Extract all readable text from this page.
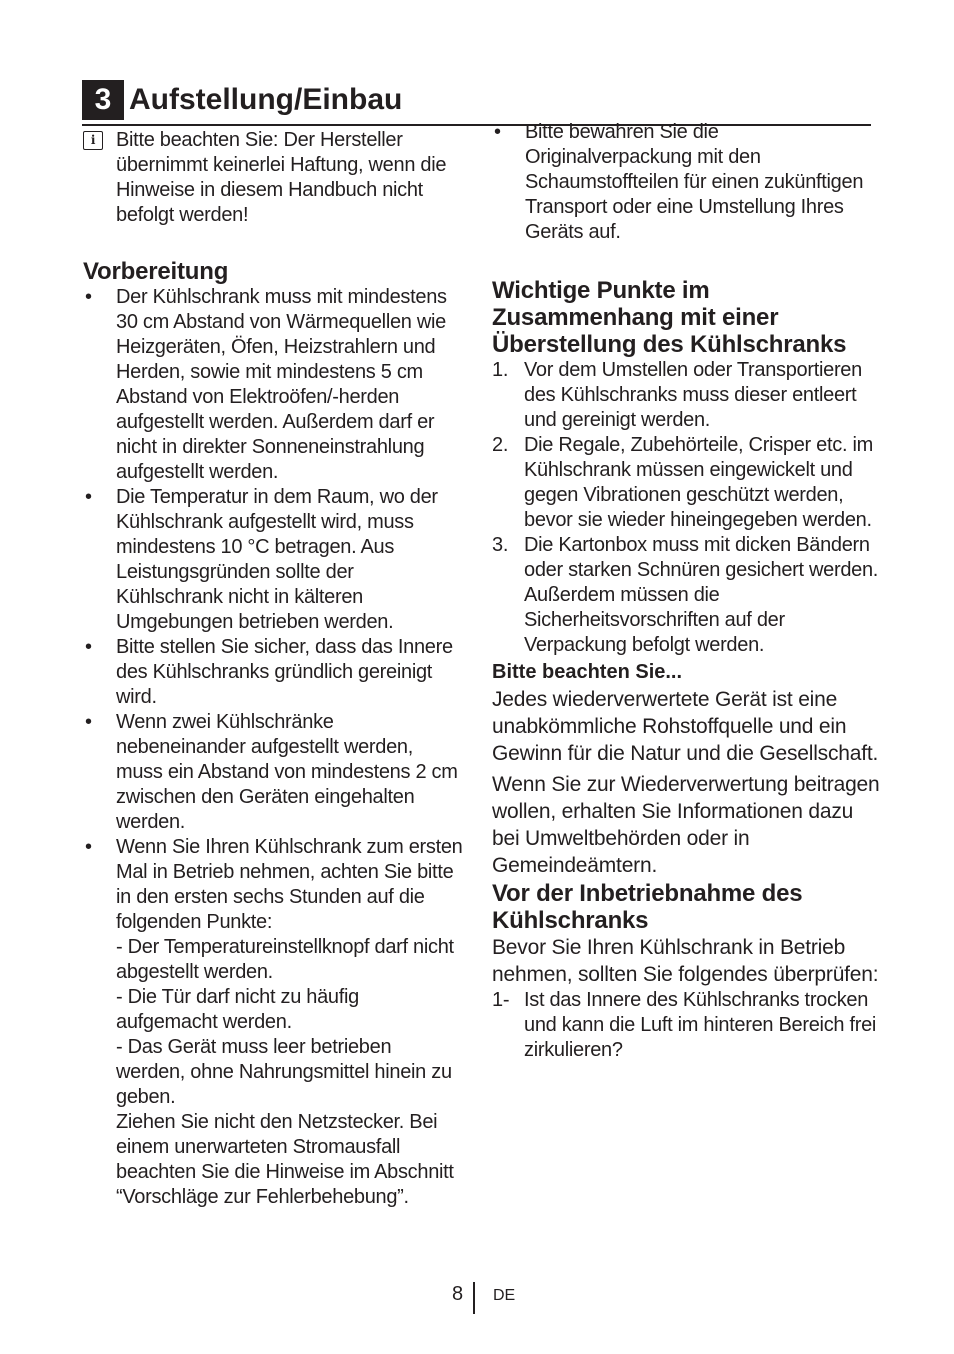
3 Aufstellung/Einbau
i	Bitte beachten Sie: Der Hersteller übernimmt keinerlei Haftung, wenn die Hinweise in diesem Handbuch nicht befolgt werden!
Vorbereitung
• Der Kühlschrank muss mit mindestens 30 cm Abstand von Wärmequellen wie Heizgeräten, Öfen, Heizstrahlern und Herden, sowie mit mindestens 5 cm Abstand von Elektroöfen/-herden aufgestellt werden. Außerdem darf er nicht in direkter Sonneneinstrahlung aufgestellt werden.
• Die Temperatur in dem Raum, wo der Kühlschrank aufgestellt wird, muss mindestens 10 °C betragen. Aus Leistungsgründen sollte der Kühlschrank nicht in kälteren Umgebungen betrieben werden.
• Bitte stellen Sie sicher, dass das Innere des Kühlschranks gründlich gereinigt wird.
• Wenn zwei Kühlschränke nebeneinander aufgestellt werden, muss ein Abstand von mindestens 2 cm zwischen den Geräten eingehalten werden.
• Wenn Sie Ihren Kühlschrank zum ersten Mal in Betrieb nehmen, achten Sie bitte in den ersten sechs Stunden auf die folgenden Punkte:
- Der Temperatureinstellknopf darf nicht abgestellt werden.
- Die Tür darf nicht zu häufig aufgemacht werden.
- Das Gerät muss leer betrieben werden, ohne Nahrungsmittel hinein zu geben.
Ziehen Sie nicht den Netzstecker. Bei einem unerwarteten Stromausfall beachten Sie die Hinweise im Abschnitt “Vorschläge zur Fehlerbehebung”.
• Bitte bewahren Sie die Originalverpackung mit den Schaumstoffteilen für einen zukünftigen Transport oder eine Umstellung Ihres Geräts auf.
Wichtige Punkte im Zusammenhang mit einer Überstellung des Kühlschranks
1. Vor dem Umstellen oder Transportieren des Kühlschranks muss dieser entleert und gereinigt werden.
2. Die Regale, Zubehörteile, Crisper etc. im Kühlschrank müssen eingewickelt und gegen Vibrationen geschützt werden, bevor sie wieder hineingegeben werden.
3. Die Kartonbox muss mit dicken Bändern oder starken Schnüren gesichert werden. Außerdem müssen die Sicherheitsvorschriften auf der Verpackung befolgt werden.
Bitte beachten Sie...

Jedes wiederverwertete Gerät ist eine unabkömmliche Rohstoffquelle und ein Gewinn für die Natur und die Gesellschaft.

Wenn Sie zur Wiederverwertung beitragen wollen, erhalten Sie Informationen dazu bei Umweltbehörden oder in Gemeindeämtern.

Vor der Inbetriebnahme des Kühlschranks
Bevor Sie Ihren Kühlschrank in Betrieb nehmen, sollten Sie folgendes überprüfen:
1- Ist das Innere des Kühlschranks trocken und kann die Luft im hinteren Bereich frei zirkulieren?
8 DE
